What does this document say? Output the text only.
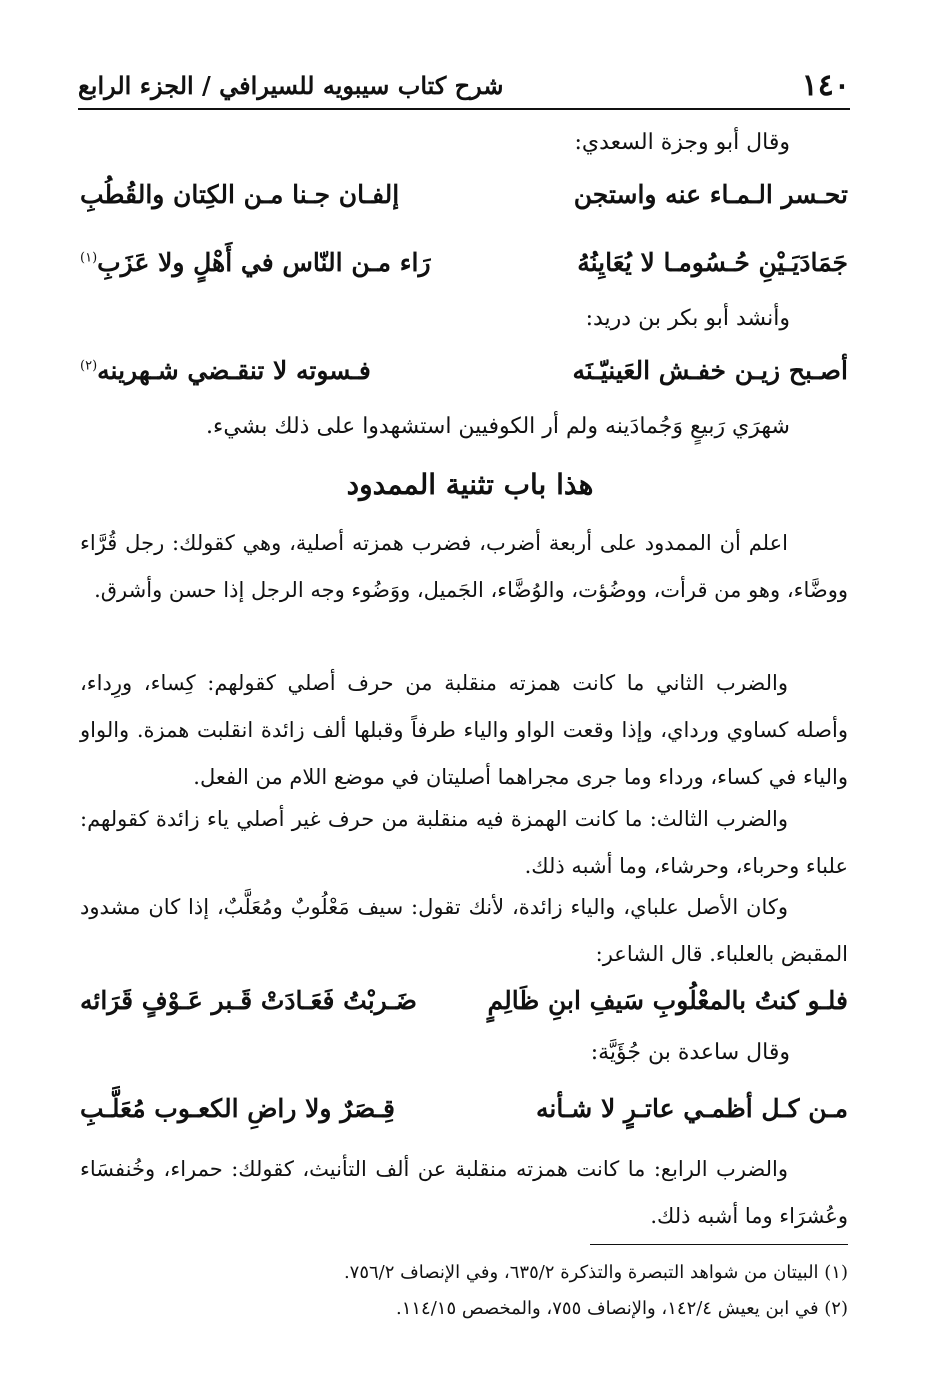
١٤٠
شرح كتاب سيبويه للسيرافي / الجزء الرابع
وقال أبو وجزة السعدي:
تحـسر الـمـاء عنه واستجن
إلفـان جـنا مـن الكِتان والقُطُبِ
جَمَادَيَـيْنِ حُـسُومـا لا يُعَايِنُهُ
رَاء مـن النّاس في أَهْلٍ ولا عَزَبِ$^{(١)}$
وأنشد أبو بكر بن دريد:
أصـبح زيـن خفـش العَينيّـنَه
فـسوته لا تنقـضي شـهرينه$^{(٢)}$
شهرَي رَبيعٍ وَجُمادَينه ولم أر الكوفيين استشهدوا على ذلك بشيء.
هذا باب تثنية الممدود
اعلم أن الممدود على أربعة أضرب، فضرب همزته أصلية، وهي كقولك: رجل قُرَّاء ووضَّاء، وهو من قرأت، ووضُؤت، والوُضَّاء، الجَميل، ووَضُوء وجه الرجل إذا حسن وأشرق.
والضرب الثاني ما كانت همزته منقلبة من حرف أصلي كقولهم: كِساء، ورِداء، وأصله كساوي ورداي، وإذا وقعت الواو والياء طرفاً وقبلها ألف زائدة انقلبت همزة. والواو والياء في كساء، ورداء وما جرى مجراهما أصليتان في موضع اللام من الفعل.
والضرب الثالث: ما كانت الهمزة فيه منقلبة من حرف غير أصلي ياء زائدة كقولهم: علباء وحرباء، وحرشاء، وما أشبه ذلك.
وكان الأصل علباي، والياء زائدة، لأنك تقول: سيف مَعْلُوبٌ ومُعَلَّبٌ، إذا كان مشدود المقبض بالعلباء. قال الشاعر:
فلـو كنتُ بالمعْلُوبِ سَيفِ ابنِ ظَالِمٍ
ضَـربْتُ فَعَـادَتْ قَـبر عَـوْفٍ قَرَائه
وقال ساعدة بن جُؤَيَّة:
مـن كـل أظمـي عاتـرٍ لا شـأنه
قِـصَرٌ ولا راضِ الكعـوب مُعَلَّـبِ
والضرب الرابع: ما كانت همزته منقلبة عن ألف التأنيث، كقولك: حمراء، وخُنفسَاء وعُشرَاء وما أشبه ذلك.
(١) البيتان من شواهد التبصرة والتذكرة ٦٣٥/٢، وفي الإنصاف ٧٥٦/٢.
(٢) في ابن يعيش ١٤٢/٤، والإنصاف ٧٥٥، والمخصص ١١٤/١٥.
